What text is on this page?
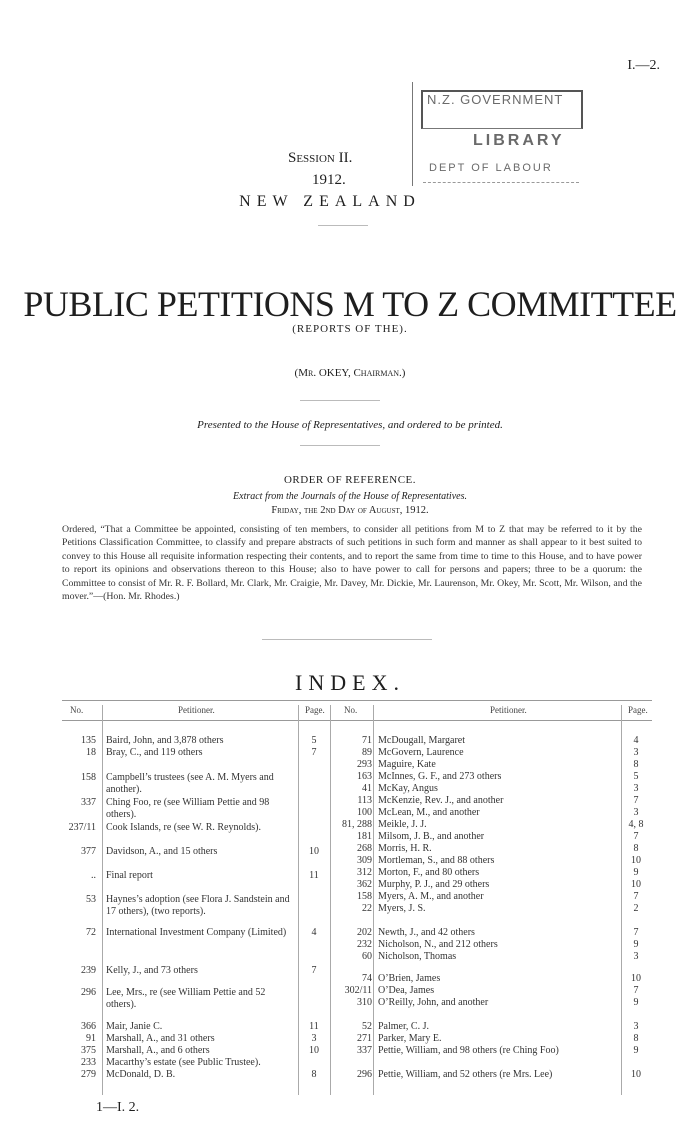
I.—2.
N.Z. GOVERNMENT
LIBRARY
DEPT OF LABOUR
Session II.
1912.
NEW ZEALAND
PUBLIC PETITIONS M TO Z COMMITTEE
(REPORTS OF THE).
(Mr. OKEY, Chairman.)
Presented to the House of Representatives, and ordered to be printed.
ORDER OF REFERENCE.
Extract from the Journals of the House of Representatives.
Friday, the 2nd Day of August, 1912.
Ordered, “That a Committee be appointed, consisting of ten members, to consider all petitions from M to Z that may be referred to it by the Petitions Classification Committee, to classify and prepare abstracts of such petitions in such form and manner as shall appear to it best suited to convey to this House all requisite information respecting their contents, and to report the same from time to time to this House, and to have power to report its opinions and observations thereon to this House; also to have power to call for persons and papers; three to be a quorum: the Committee to consist of Mr. R. F. Bollard, Mr. Clark, Mr. Craigie, Mr. Davey, Mr. Dickie, Mr. Laurenson, Mr. Okey, Mr. Scott, Mr. Wilson, and the mover.”—(Hon. Mr. Rhodes.)
INDEX.
No.	Petitioner.	Page. No.	Petitioner.	Page.
135 Baird, John, and 3,878 others	5
18 Bray, C., and 119 others	7
158 Campbell’s trustees (see A. M. Myers and another).
337 Ching Foo, re (see William Pettie and 98 others).
237/11 Cook Islands, re (see W. R. Reynolds).
377 Davidson, A., and 15 others	10
.. Final report	11
53 Haynes’s adoption (see Flora J. Sandstein and 17 others), (two reports).
72 International Investment Company (Limited)	4
239 Kelly, J., and 73 others	7
296 Lee, Mrs., re (see William Pettie and 52 others).
366 Mair, Janie C.	11
91 Marshall, A., and 31 others	3
375 Marshall, A., and 6 others	10
233 Macarthy’s estate (see Public Trustee).
279 McDonald, D. B.	8
71 McDougall, Margaret	4
89 McGovern, Laurence	3
293 Maguire, Kate	8
163 McInnes, G. F., and 273 others	5
41 McKay, Angus	3
113 McKenzie, Rev. J., and another	7
100 McLean, M., and another	3
81, 288 Meikle, J. J.	4, 8
181 Milsom, J. B., and another	7
268 Morris, H. R.	8
309 Mortleman, S., and 88 others	10
312 Morton, F., and 80 others	9
362 Murphy, P. J., and 29 others	10
158 Myers, A. M., and another	7
22 Myers, J. S.	2
202 Newth, J., and 42 others	7
232 Nicholson, N., and 212 others	9
60 Nicholson, Thomas	3
74 O’Brien, James	10
302/11 O’Dea, James	7
310 O’Reilly, John, and another	9
52 Palmer, C. J.	3
271 Parker, Mary E.	8
337 Pettie, William, and 98 others (re Ching Foo)	9
296 Pettie, William, and 52 others (re Mrs. Lee)	10
1—I. 2.
